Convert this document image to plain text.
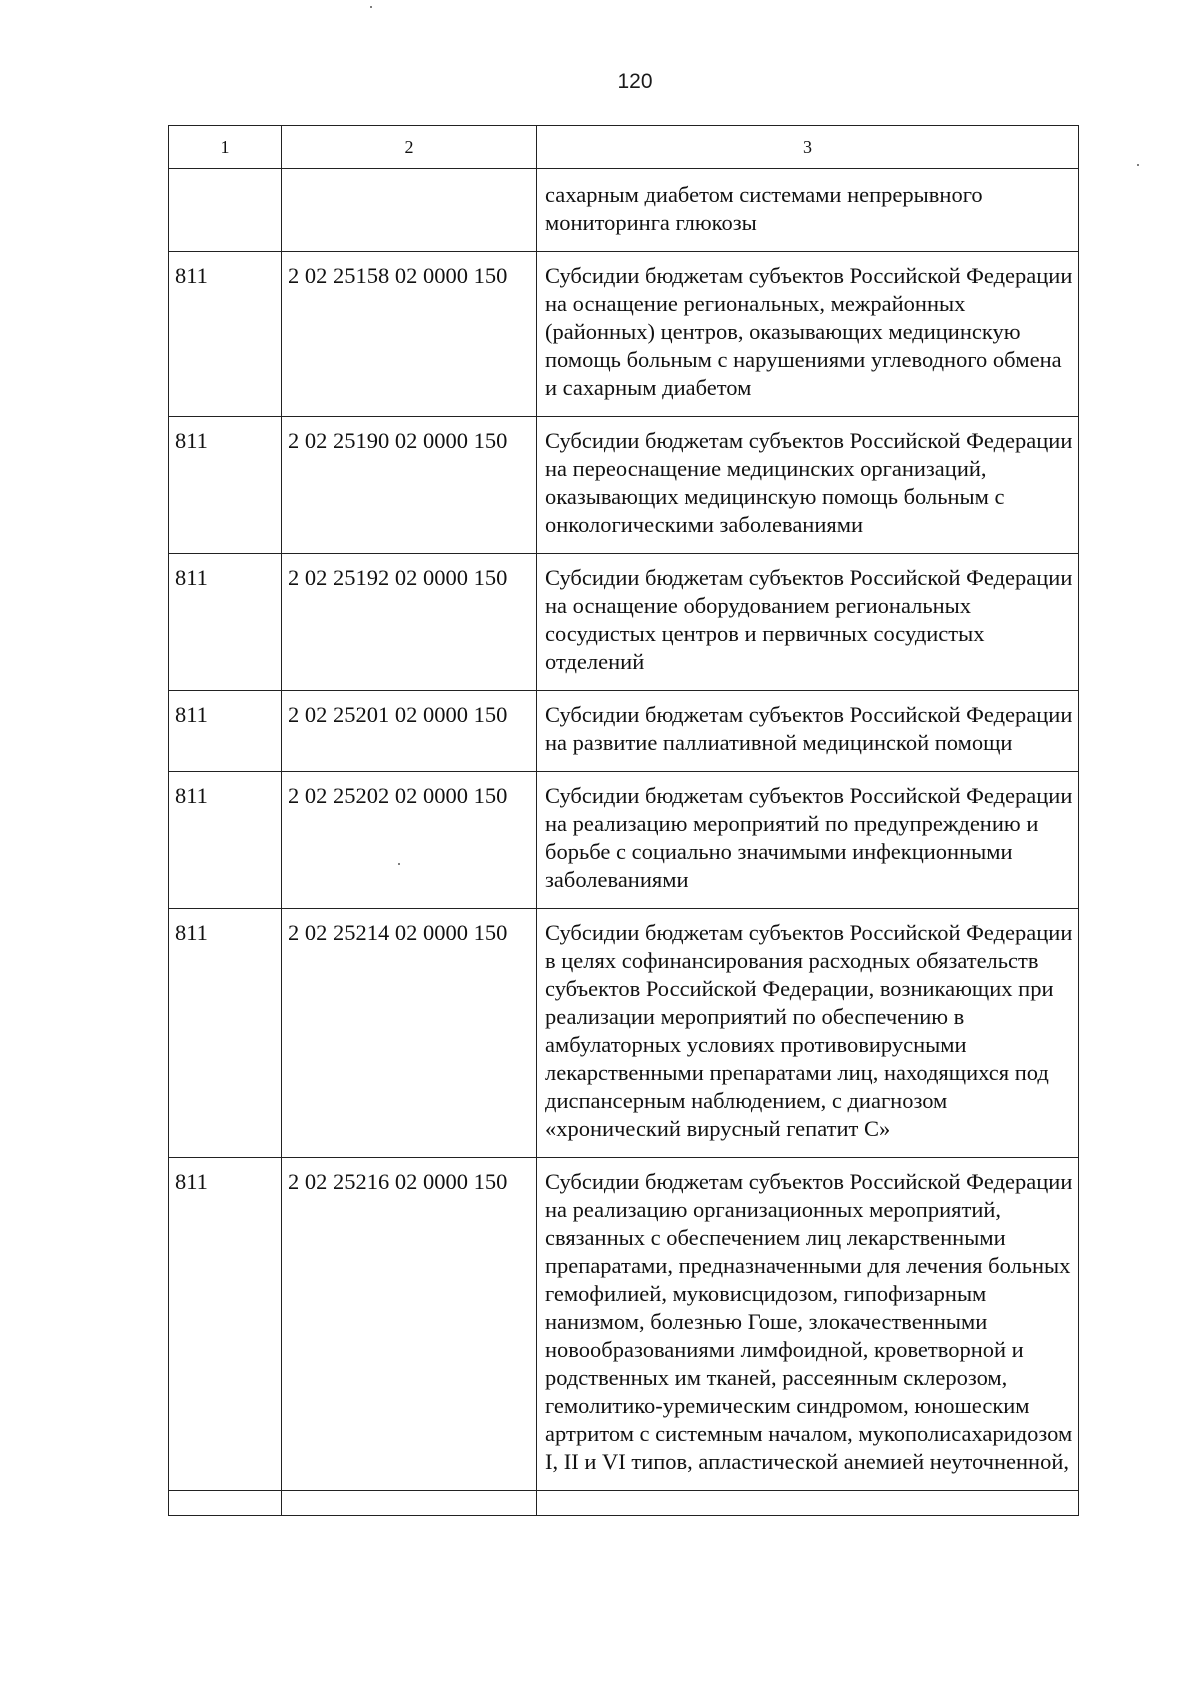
120
1	2	3
		сахарным диабетом системами непрерывного мониторинга глюкозы
811	2 02 25158 02 0000 150	Субсидии бюджетам субъектов Российской Федерации на оснащение региональных, межрайонных (районных) центров, оказывающих медицинскую помощь больным с нарушениями углеводного обмена и сахарным диабетом
811	2 02 25190 02 0000 150	Субсидии бюджетам субъектов Российской Федерации на переоснащение медицинских организаций, оказывающих медицинскую помощь больным с онкологическими заболеваниями
811	2 02 25192 02 0000 150	Субсидии бюджетам субъектов Российской Федерации на оснащение оборудованием региональных сосудистых центров и первичных сосудистых отделений
811	2 02 25201 02 0000 150	Субсидии бюджетам субъектов Российской Федерации на развитие паллиативной медицинской помощи
811	2 02 25202 02 0000 150	Субсидии бюджетам субъектов Российской Федерации на реализацию мероприятий по предупреждению и борьбе с социально значимыми инфекционными заболеваниями
811	2 02 25214 02 0000 150	Субсидии бюджетам субъектов Российской Федерации в целях софинансирования расходных обязательств субъектов Российской Федерации, возникающих при реализации мероприятий по обеспечению в амбулаторных условиях противовирусными лекарственными препаратами лиц, находящихся под диспансерным наблюдением, с диагнозом «хронический вирусный гепатит С»
811	2 02 25216 02 0000 150	Субсидии бюджетам субъектов Российской Федерации на реализацию организационных мероприятий, связанных с обеспечением лиц лекарственными препаратами, предназначенными для лечения больных гемофилией, муковисцидозом, гипофизарным нанизмом, болезнью Гоше, злокачественными новообразованиями лимфоидной, кроветворной и родственных им тканей, рассеянным склерозом, гемолитико-уремическим синдромом, юношеским артритом с системным началом, мукополисахаридозом I, II и VI типов, апластической анемией неуточненной,
